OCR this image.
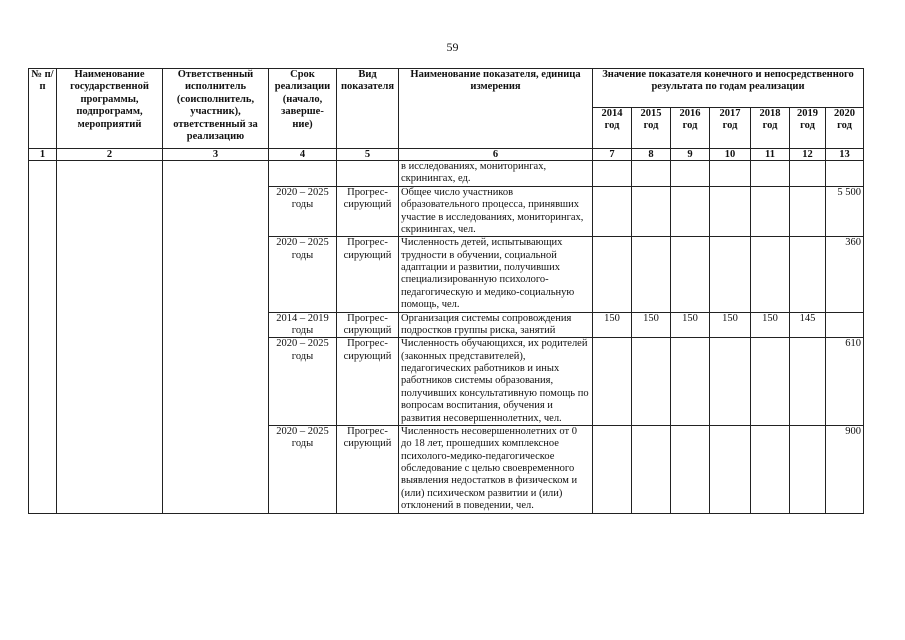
59
№ п/п	Наименование государственной программы, подпрограмм, мероприятий	Ответственный исполнитель (соисполнитель, участник), ответственный за реализацию	Срок реализации (начало, заверше- ние)	Вид показателя	Наименование показателя, единица измерения	Значение показателя конечного и непосредственного результата по годам реализации						
						2014 год	2015 год	2016 год	2017 год	2018 год	2019 год	2020 год
1	2	3	4	5	6	7	8	9	10	11	12	13
					в исследованиях, мониторингах, скринингах, ед.							
			2020 – 2025 годы	Прогрес- сирующий	Общее число участников образовательного процесса, принявших участие в исследованиях, мониторингах, скринингах, чел.							5 500
			2020 – 2025 годы	Прогрес- сирующий	Численность детей, испытывающих трудности в обучении, социальной адаптации и развитии, получивших специализированную психолого-педагогическую и медико-социальную помощь, чел.							360
			2014 – 2019 годы	Прогрес- сирующий	Организация системы сопровождения подростков группы риска, занятий	150	150	150	150	150	145	
			2020 – 2025 годы	Прогрес- сирующий	Численность обучающихся, их родителей (законных представителей), педагогических работников и иных работников системы образования, получивших консультативную помощь по вопросам воспитания, обучения и развития несовершеннолетних, чел.							610
			2020 – 2025 годы	Прогрес- сирующий	Численность несовершеннолетних от 0 до 18 лет, прошедших комплексное психолого-медико-педагогическое обследование с целью своевременного выявления недостатков в физическом и (или) психическом развитии и (или) отклонений в поведении, чел.							900
